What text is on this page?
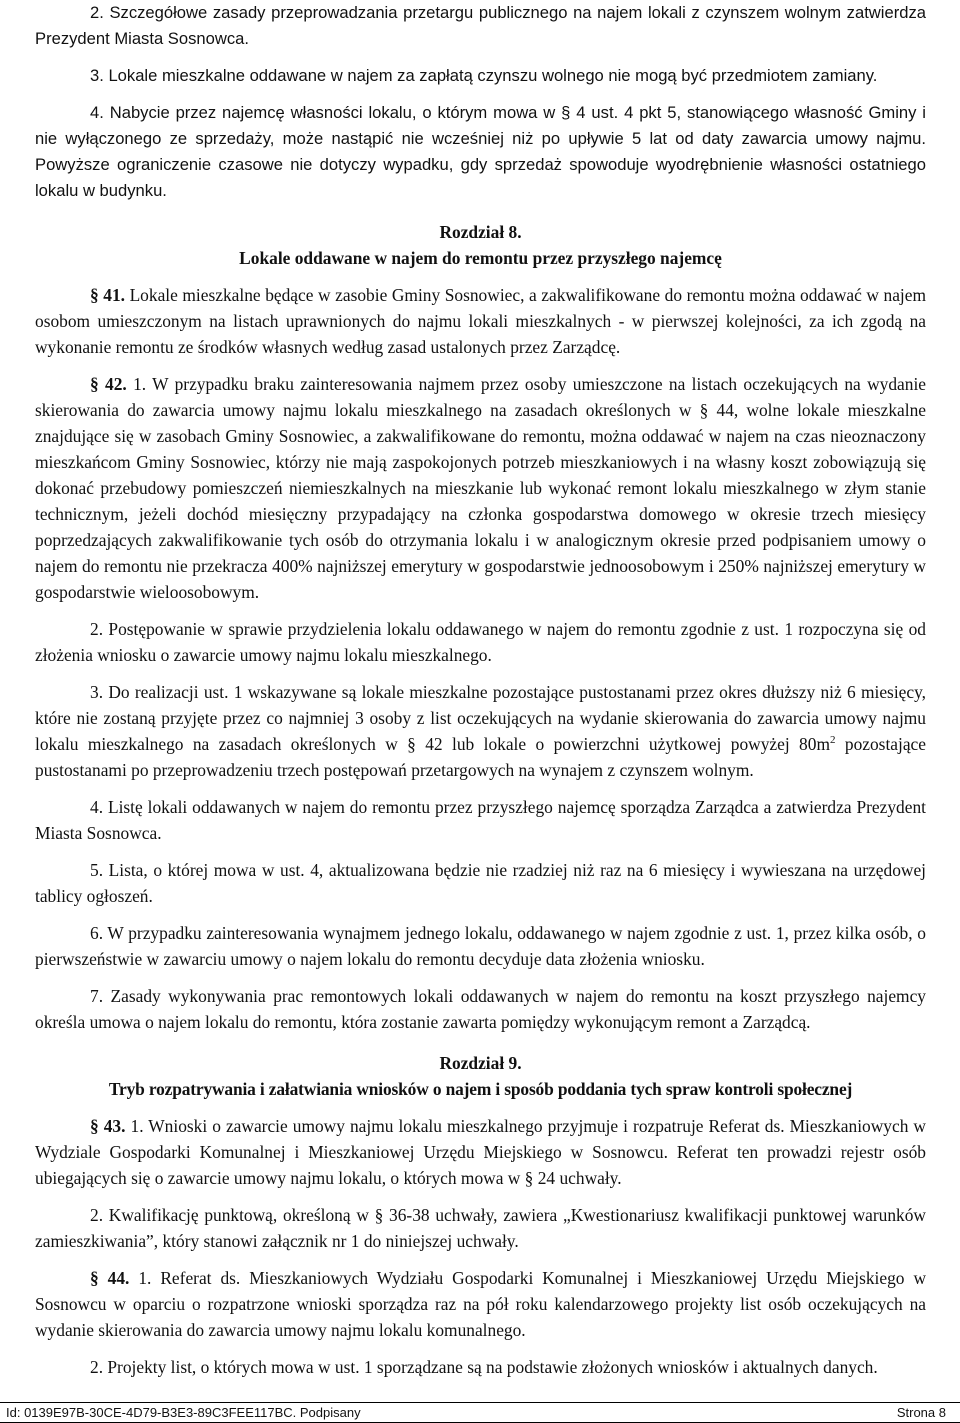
2. Szczegółowe zasady przeprowadzania przetargu publicznego na najem lokali z czynszem wolnym zatwierdza Prezydent Miasta Sosnowca.

3. Lokale mieszkalne oddawane w najem za zapłatą czynszu wolnego nie mogą być przedmiotem zamiany.

4. Nabycie przez najemcę własności lokalu, o którym mowa w § 4 ust. 4 pkt 5, stanowiącego własność Gminy i nie wyłączonego ze sprzedaży, może nastąpić nie wcześniej niż po upływie 5 lat od daty zawarcia umowy najmu. Powyższe ograniczenie czasowe nie dotyczy wypadku, gdy sprzedaż spowoduje wyodrębnienie własności ostatniego lokalu w budynku.

Rozdział 8.

Lokale oddawane w najem do remontu przez przyszłego najemcę

§ 41. Lokale mieszkalne będące w zasobie Gminy Sosnowiec, a zakwalifikowane do remontu można oddawać w najem osobom umieszczonym na listach uprawnionych do najmu lokali mieszkalnych - w pierwszej kolejności, za ich zgodą na wykonanie remontu ze środków własnych według zasad ustalonych przez Zarządcę.

§ 42. 1. W przypadku braku zainteresowania najmem przez osoby umieszczone na listach oczekujących na wydanie skierowania do zawarcia umowy najmu lokalu mieszkalnego na zasadach określonych w § 44, wolne lokale mieszkalne znajdujące się w zasobach Gminy Sosnowiec, a zakwalifikowane do remontu, można oddawać w najem na czas nieoznaczony mieszkańcom Gminy Sosnowiec, którzy nie mają zaspokojonych potrzeb mieszkaniowych i na własny koszt zobowiązują się dokonać przebudowy pomieszczeń niemieszkalnych na mieszkanie lub wykonać remont lokalu mieszkalnego w złym stanie technicznym, jeżeli dochód miesięczny przypadający na członka gospodarstwa domowego w okresie trzech miesięcy poprzedzających zakwalifikowanie tych osób do otrzymania lokalu i w analogicznym okresie przed podpisaniem umowy o najem do remontu nie przekracza 400% najniższej emerytury w gospodarstwie jednoosobowym i 250% najniższej emerytury w gospodarstwie wieloosobowym.

2. Postępowanie w sprawie przydzielenia lokalu oddawanego w najem do remontu zgodnie z ust. 1 rozpoczyna się od złożenia wniosku o zawarcie umowy najmu lokalu mieszkalnego.

3. Do realizacji ust. 1 wskazywane są lokale mieszkalne pozostające pustostanami przez okres dłuższy niż 6 miesięcy, które nie zostaną przyjęte przez co najmniej 3 osoby z list oczekujących na wydanie skierowania do zawarcia umowy najmu lokalu mieszkalnego na zasadach określonych w § 42 lub lokale o powierzchni użytkowej powyżej $80m^2$ pozostające pustostanami po przeprowadzeniu trzech postępowań przetargowych na wynajem z czynszem wolnym.

4. Listę lokali oddawanych w najem do remontu przez przyszłego najemcę sporządza Zarządca a zatwierdza Prezydent Miasta Sosnowca.

5. Lista, o której mowa w ust. 4, aktualizowana będzie nie rzadziej niż raz na 6 miesięcy i wywieszana na urzędowej tablicy ogłoszeń.

6. W przypadku zainteresowania wynajmem jednego lokalu, oddawanego w najem zgodnie z ust. 1, przez kilka osób, o pierwszeństwie w zawarciu umowy o najem lokalu do remontu decyduje data złożenia wniosku.

7. Zasady wykonywania prac remontowych lokali oddawanych w najem do remontu na koszt przyszłego najemcy określa umowa o najem lokalu do remontu, która zostanie zawarta pomiędzy wykonującym remont a Zarządcą.

Rozdział 9.

Tryb rozpatrywania i załatwiania wniosków o najem i sposób poddania tych spraw kontroli społecznej

§ 43. 1. Wnioski o zawarcie umowy najmu lokalu mieszkalnego przyjmuje i rozpatruje Referat ds. Mieszkaniowych w Wydziale Gospodarki Komunalnej i Mieszkaniowej Urzędu Miejskiego w Sosnowcu. Referat ten prowadzi rejestr osób ubiegających się o zawarcie umowy najmu lokalu, o których mowa w § 24 uchwały.

2. Kwalifikację punktową, określoną w § 36-38 uchwały, zawiera „Kwestionariusz kwalifikacji punktowej warunków zamieszkiwania”, który stanowi załącznik nr 1 do niniejszej uchwały.

§ 44. 1. Referat ds. Mieszkaniowych Wydziału Gospodarki Komunalnej i Mieszkaniowej Urzędu Miejskiego w Sosnowcu w oparciu o rozpatrzone wnioski sporządza raz na pół roku kalendarzowego projekty list osób oczekujących na wydanie skierowania do zawarcia umowy najmu lokalu komunalnego.

2. Projekty list, o których mowa w ust. 1 sporządzane są na podstawie złożonych wniosków i aktualnych danych.

Id: 0139E97B-30CE-4D79-B3E3-89C3FEE117BC. Podpisany	Strona 8
